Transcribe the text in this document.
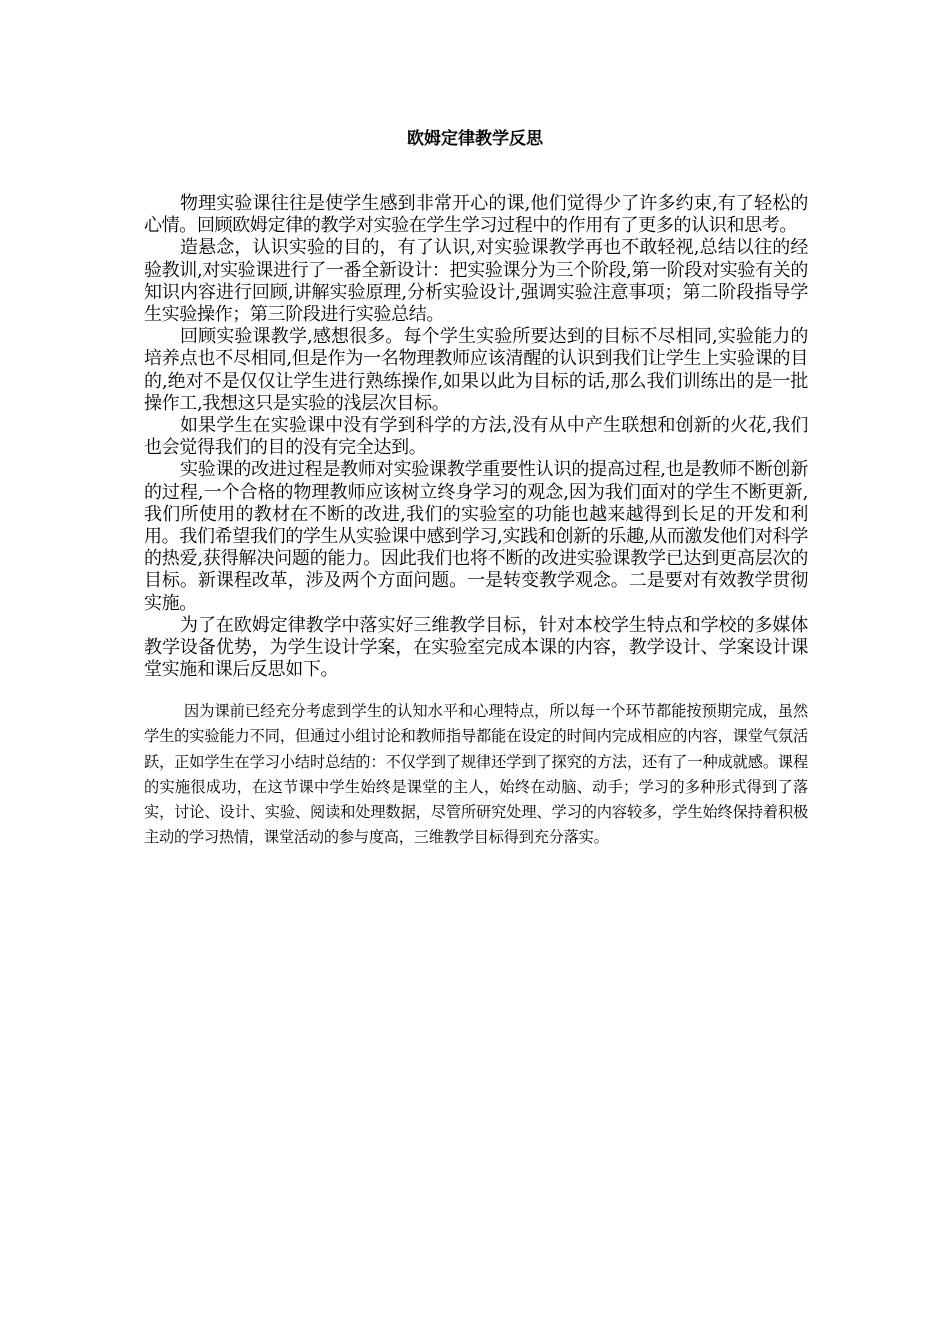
欧姆定律教学反思

物理实验课往往是使学生感到非常开心的课,他们觉得少了许多约束,有了轻松的心情。回顾欧姆定律的教学对实验在学生学习过程中的作用有了更多的认识和思考。

造悬念，认识实验的目的，有了认识,对实验课教学再也不敢轻视,总结以往的经验教训,对实验课进行了一番全新设计：把实验课分为三个阶段,第一阶段对实验有关的知识内容进行回顾,讲解实验原理,分析实验设计,强调实验注意事项；第二阶段指导学生实验操作；第三阶段进行实验总结。

回顾实验课教学,感想很多。每个学生实验所要达到的目标不尽相同,实验能力的培养点也不尽相同,但是作为一名物理教师应该清醒的认识到我们让学生上实验课的目的,绝对不是仅仅让学生进行熟练操作,如果以此为目标的话,那么我们训练出的是一批操作工,我想这只是实验的浅层次目标。

如果学生在实验课中没有学到科学的方法,没有从中产生联想和创新的火花,我们也会觉得我们的目的没有完全达到。

实验课的改进过程是教师对实验课教学重要性认识的提高过程,也是教师不断创新的过程,一个合格的物理教师应该树立终身学习的观念,因为我们面对的学生不断更新,我们所使用的教材在不断的改进,我们的实验室的功能也越来越得到长足的开发和利用。我们希望我们的学生从实验课中感到学习,实践和创新的乐趣,从而激发他们对科学的热爱,获得解决问题的能力。因此我们也将不断的改进实验课教学已达到更高层次的目标。新课程改革，涉及两个方面问题。一是转变教学观念。二是要对有效教学贯彻实施。

为了在欧姆定律教学中落实好三维教学目标，针对本校学生特点和学校的多媒体教学设备优势，为学生设计学案，在实验室完成本课的内容，教学设计、学案设计课堂实施和课后反思如下。

因为课前已经充分考虑到学生的认知水平和心理特点，所以每一个环节都能按预期完成，虽然学生的实验能力不同，但通过小组讨论和教师指导都能在设定的时间内完成相应的内容，课堂气氛活跃，正如学生在学习小结时总结的：不仅学到了规律还学到了探究的方法，还有了一种成就感。课程的实施很成功，在这节课中学生始终是课堂的主人，始终在动脑、动手；学习的多种形式得到了落实，讨论、设计、实验、阅读和处理数据，尽管所研究处理、学习的内容较多，学生始终保持着积极主动的学习热情，课堂活动的参与度高，三维教学目标得到充分落实。
